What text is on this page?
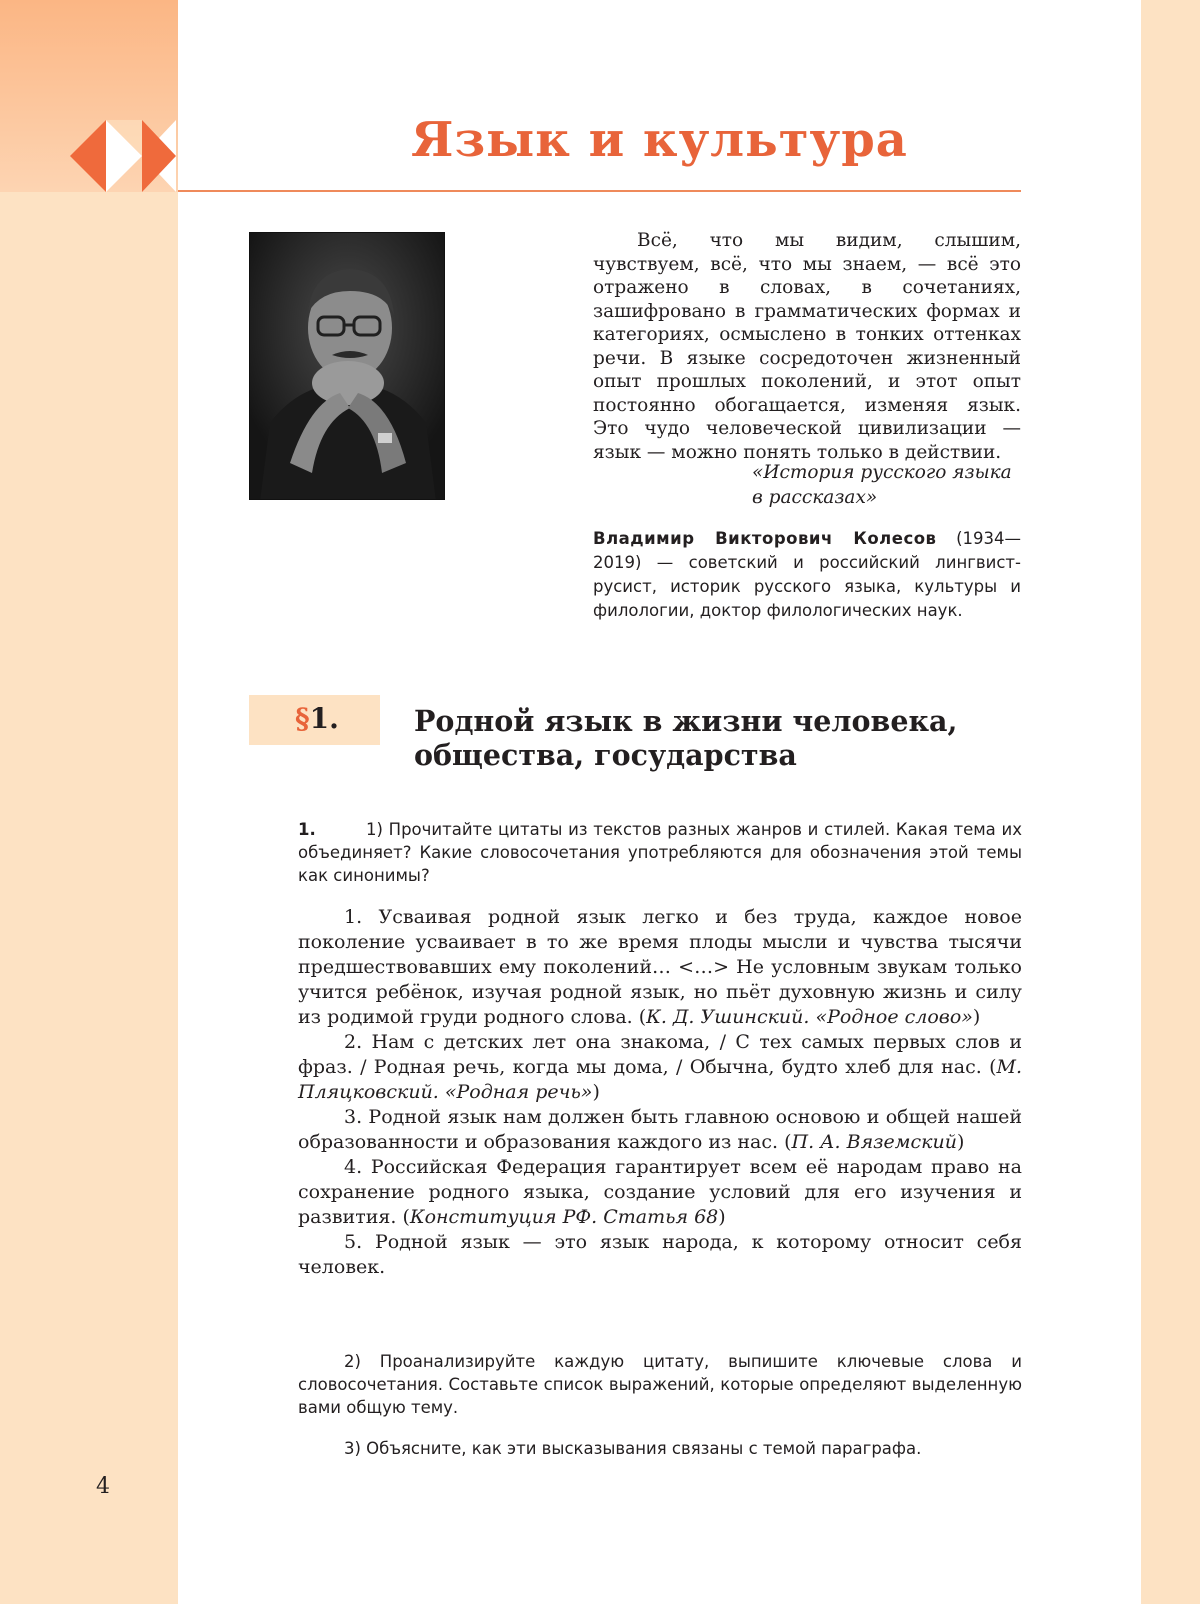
Язык и культура

Всё, что мы видим, слышим, чувствуем, всё, что мы знаем, — всё это отражено в словах, в сочетаниях, зашифровано в грамматических формах и категориях, осмыслено в тонких оттенках речи. В языке сосредоточен жизненный опыт прошлых поколений, и этот опыт постоянно обогащается, изменяя язык. Это чудо человеческой цивилизации — язык — можно понять только в действии.

«История русского языка
в рассказах»

Владимир Викторович Колесов (1934—2019) — советский и российский лингвист-русист, историк русского языка, культуры и филологии, доктор филологических наук.

§1.	Родной язык в жизни человека, общества, государства

1.	1) Прочитайте цитаты из текстов разных жанров и стилей. Какая тема их объединяет? Какие словосочетания употребляются для обозначения этой темы как синонимы?

1. Усваивая родной язык легко и без труда, каждое новое поколение усваивает в то же время плоды мысли и чувства тысячи предшествовавших ему поколений… <…> Не условным звукам только учится ребёнок, изучая родной язык, но пьёт духовную жизнь и силу из родимой груди родного слова. (К. Д. Ушинский. «Родное слово»)

2. Нам с детских лет она знакома, / С тех самых первых слов и фраз. / Родная речь, когда мы дома, / Обычна, будто хлеб для нас. (М. Пляцковский. «Родная речь»)

3. Родной язык нам должен быть главною основою и общей нашей образованности и образования каждого из нас. (П. А. Вяземский)

4. Российская Федерация гарантирует всем её народам право на сохранение родного языка, создание условий для его изучения и развития. (Конституция РФ. Статья 68)

5. Родной язык — это язык народа, к которому относит себя человек.

2) Проанализируйте каждую цитату, выпишите ключевые слова и словосочетания. Составьте список выражений, которые определяют выделенную вами общую тему.

3) Объясните, как эти высказывания связаны с темой параграфа.

4
